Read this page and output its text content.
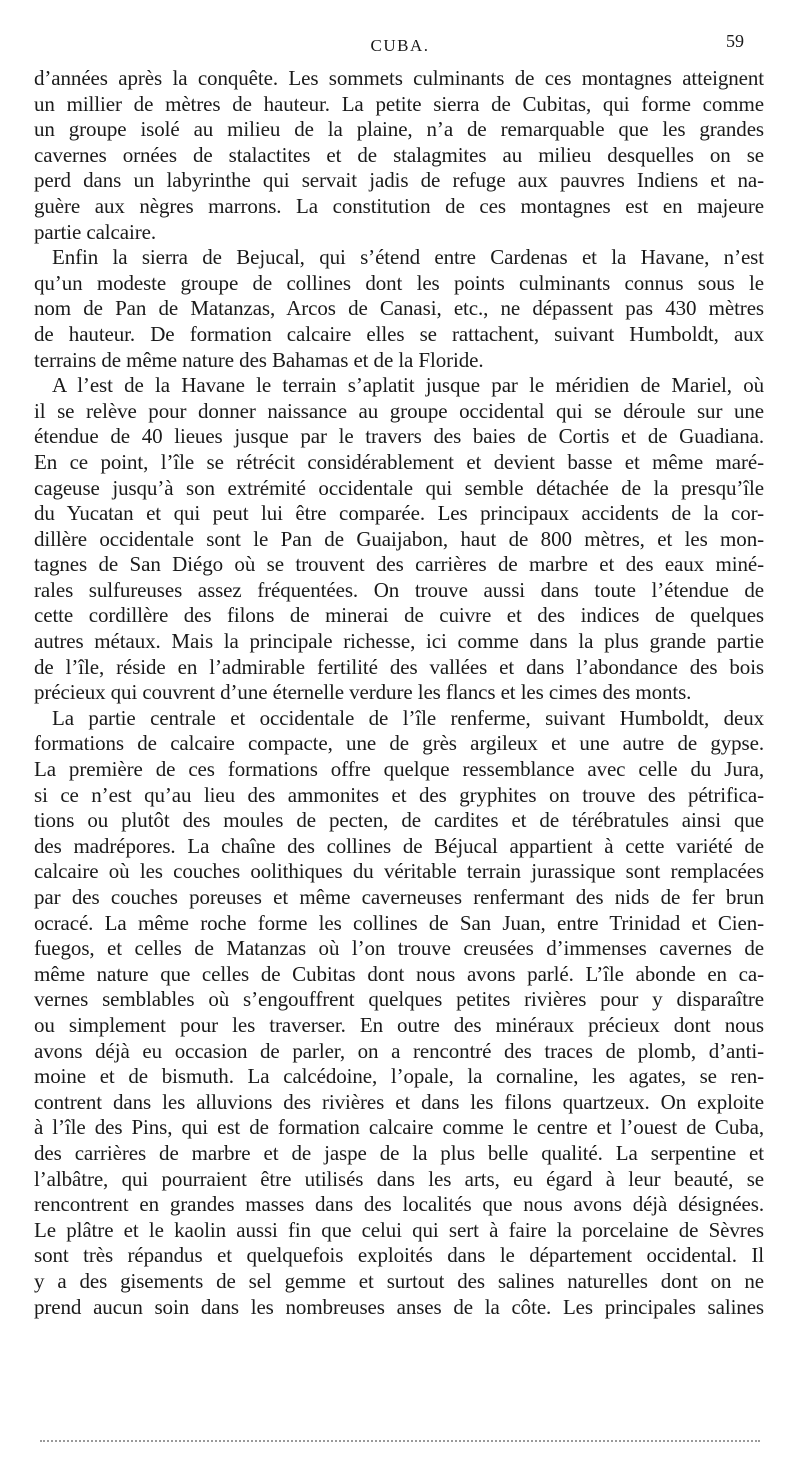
CUBA.	59
d’années après la conquête. Les sommets culminants de ces montagnes atteignent
un millier de mètres de hauteur. La petite sierra de Cubitas, qui forme comme
un groupe isolé au milieu de la plaine, n’a de remarquable que les grandes
cavernes ornées de stalactites et de stalagmites au milieu desquelles on se
perd dans un labyrinthe qui servait jadis de refuge aux pauvres Indiens et na-
guère aux nègres marrons. La constitution de ces montagnes est en majeure
partie calcaire.
Enfin la sierra de Bejucal, qui s’étend entre Cardenas et la Havane, n’est
qu’un modeste groupe de collines dont les points culminants connus sous le
nom de Pan de Matanzas, Arcos de Canasi, etc., ne dépassent pas 430 mètres
de hauteur. De formation calcaire elles se rattachent, suivant Humboldt, aux
terrains de même nature des Bahamas et de la Floride.
A l’est de la Havane le terrain s’aplatit jusque par le méridien de Mariel, où
il se relève pour donner naissance au groupe occidental qui se déroule sur une
étendue de 40 lieues jusque par le travers des baies de Cortis et de Guadiana.
En ce point, l’île se rétrécit considérablement et devient basse et même maré-
cageuse jusqu’à son extrémité occidentale qui semble détachée de la presqu’île
du Yucatan et qui peut lui être comparée. Les principaux accidents de la cor-
dillère occidentale sont le Pan de Guaijabon, haut de 800 mètres, et les mon-
tagnes de San Diégo où se trouvent des carrières de marbre et des eaux miné-
rales sulfureuses assez fréquentées. On trouve aussi dans toute l’étendue de
cette cordillère des filons de minerai de cuivre et des indices de quelques
autres métaux. Mais la principale richesse, ici comme dans la plus grande partie
de l’île, réside en l’admirable fertilité des vallées et dans l’abondance des bois
précieux qui couvrent d’une éternelle verdure les flancs et les cimes des monts.
La partie centrale et occidentale de l’île renferme, suivant Humboldt, deux
formations de calcaire compacte, une de grès argileux et une autre de gypse.
La première de ces formations offre quelque ressemblance avec celle du Jura,
si ce n’est qu’au lieu des ammonites et des gryphites on trouve des pétrifica-
tions ou plutôt des moules de pecten, de cardites et de térébratules ainsi que
des madrépores. La chaîne des collines de Béjucal appartient à cette variété de
calcaire où les couches oolithiques du véritable terrain jurassique sont remplacées
par des couches poreuses et même caverneuses renfermant des nids de fer brun
ocracé. La même roche forme les collines de San Juan, entre Trinidad et Cien-
fuegos, et celles de Matanzas où l’on trouve creusées d’immenses cavernes de
même nature que celles de Cubitas dont nous avons parlé. L’île abonde en ca-
vernes semblables où s’engouffrent quelques petites rivières pour y disparaître
ou simplement pour les traverser. En outre des minéraux précieux dont nous
avons déjà eu occasion de parler, on a rencontré des traces de plomb, d’anti-
moine et de bismuth. La calcédoine, l’opale, la cornaline, les agates, se ren-
contrent dans les alluvions des rivières et dans les filons quartzeux. On exploite
à l’île des Pins, qui est de formation calcaire comme le centre et l’ouest de Cuba,
des carrières de marbre et de jaspe de la plus belle qualité. La serpentine et
l’albâtre, qui pourraient être utilisés dans les arts, eu égard à leur beauté, se
rencontrent en grandes masses dans des localités que nous avons déjà désignées.
Le plâtre et le kaolin aussi fin que celui qui sert à faire la porcelaine de Sèvres
sont très répandus et quelquefois exploités dans le département occidental. Il
y a des gisements de sel gemme et surtout des salines naturelles dont on ne
prend aucun soin dans les nombreuses anses de la côte. Les principales salines
